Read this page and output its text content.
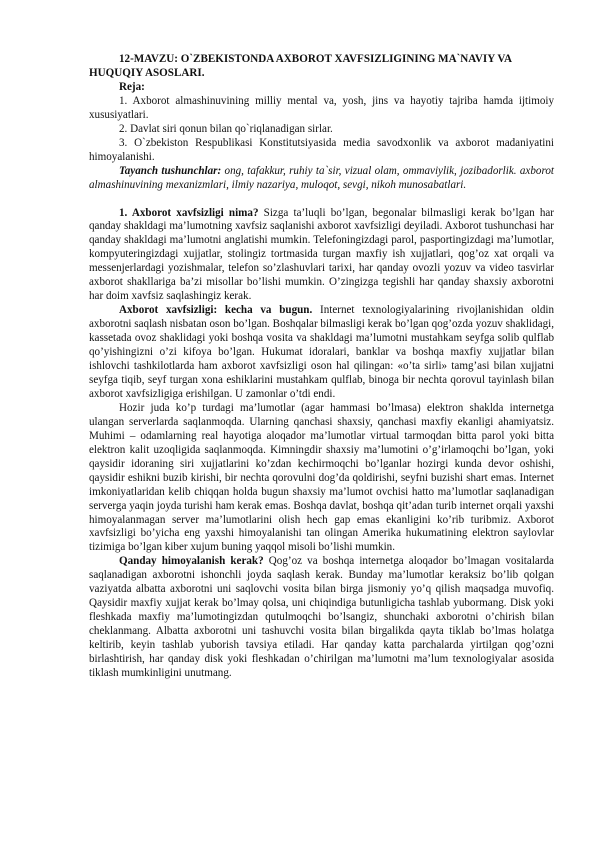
12-MAVZU: O`ZBEKISTONDA AXBOROT XAVFSIZLIGINING MA`NAVIY VA HUQUQIY ASOSLARI.

Reja:

1. Axborot almashinuvining milliy mental va, yosh, jins va hayotiy tajriba hamda ijtimoiy xususiyatlari.

2. Davlat siri qonun bilan qo`riqlanadigan sirlar.

3. O`zbekiston Respublikasi Konstitutsiyasida media savodxonlik va axborot madaniyatini himoyalanishi.

Tayanch tushunchlar: ong, tafakkur, ruhiy ta`sir, vizual olam, ommaviylik, jozibadorlik. axborot almashinuvining mexanizmlari, ilmiy nazariya, muloqot, sevgi, nikoh munosabatlari.

1. Axborot xavfsizligi nima? Sizga ta’luqli bo’lgan, begonalar bilmasligi kerak bo’lgan har qanday shakldagi ma’lumotning xavfsiz saqlanishi axborot xavfsizligi deyiladi. Axborot tushunchasi har qanday shakldagi ma’lumotni anglatishi mumkin. Telefoningizdagi parol, pasportingizdagi ma’lumotlar, kompyuteringizdagi xujjatlar, stolingiz tortmasida turgan maxfiy ish xujjatlari, qog’oz xat orqali va messenjerlardagi yozishmalar, telefon so’zlashuvlari tarixi, har qanday ovozli yozuv va video tasvirlar axborot shakllariga ba’zi misollar bo’lishi mumkin. O’zingizga tegishli har qanday shaxsiy axborotni har doim xavfsiz saqlashingiz kerak.

Axborot xavfsizligi: kecha va bugun. Internet texnologiyalarining rivojlanishidan oldin axborotni saqlash nisbatan oson bo’lgan. Boshqalar bilmasligi kerak bo’lgan qog’ozda yozuv shaklidagi, kassetada ovoz shaklidagi yoki boshqa vosita va shakldagi ma’lumotni mustahkam seyfga solib qulflab qo’yishingizni o’zi kifoya bo’lgan. Hukumat idoralari, banklar va boshqa maxfiy xujjatlar bilan ishlovchi tashkilotlarda ham axborot xavfsizligi oson hal qilingan: «o’ta sirli» tamg’asi bilan xujjatni seyfga tiqib, seyf turgan xona eshiklarini mustahkam qulflab, binoga bir nechta qorovul tayinlash bilan axborot xavfsizligiga erishilgan. U zamonlar o’tdi endi.

Hozir juda ko’p turdagi ma’lumotlar (agar hammasi bo’lmasa) elektron shaklda internetga ulangan serverlarda saqlanmoqda. Ularning qanchasi shaxsiy, qanchasi maxfiy ekanligi ahamiyatsiz. Muhimi – odamlarning real hayotiga aloqador ma’lumotlar virtual tarmoqdan bitta parol yoki bitta elektron kalit uzoqligida saqlanmoqda. Kimningdir shaxsiy ma’lumotini o’g’irlamoqchi bo’lgan, yoki qaysidir idoraning siri xujjatlarini ko’zdan kechirmoqchi bo’lganlar hozirgi kunda devor oshishi, qaysidir eshikni buzib kirishi, bir nechta qorovulni dog’da qoldirishi, seyfni buzishi shart emas. Internet imkoniyatlaridan kelib chiqqan holda bugun shaxsiy ma’lumot ovchisi hatto ma’lumotlar saqlanadigan serverga yaqin joyda turishi ham kerak emas. Boshqa davlat, boshqa qit’adan turib internet orqali yaxshi himoyalanmagan server ma’lumotlarini olish hech gap emas ekanligini ko’rib turibmiz. Axborot xavfsizligi bo’yicha eng yaxshi himoyalanishi tan olingan Amerika hukumatining elektron saylovlar tizimiga bo’lgan kiber xujum buning yaqqol misoli bo’lishi mumkin.

Qanday himoyalanish kerak? Qog’oz va boshqa internetga aloqador bo’lmagan vositalarda saqlanadigan axborotni ishonchli joyda saqlash kerak. Bunday ma’lumotlar keraksiz bo’lib qolgan vaziyatda albatta axborotni uni saqlovchi vosita bilan birga jismoniy yo’q qilish maqsadga muvofiq. Qaysidir maxfiy xujjat kerak bo’lmay qolsa, uni chiqindiga butunligicha tashlab yubormang. Disk yoki fleshkada maxfiy ma’lumotingizdan qutulmoqchi bo’lsangiz, shunchaki axborotni o’chirish bilan cheklanmang. Albatta axborotni uni tashuvchi vosita bilan birgalikda qayta tiklab bo’lmas holatga keltirib, keyin tashlab yuborish tavsiya etiladi. Har qanday katta parchalarda yirtilgan qog’ozni birlashtirish, har qanday disk yoki fleshkadan o’chirilgan ma’lumotni ma’lum texnologiyalar asosida tiklash mumkinligini unutmang.
